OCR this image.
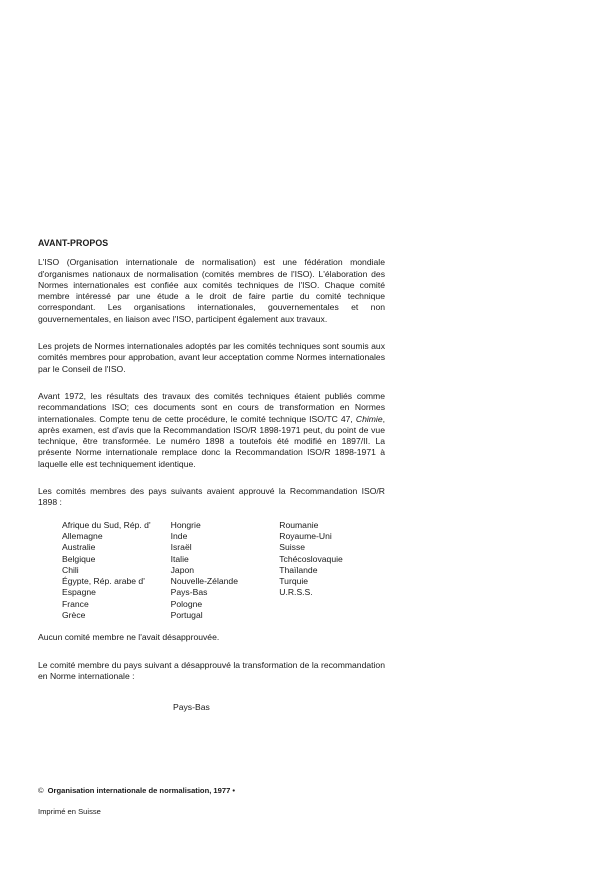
AVANT-PROPOS

L'ISO (Organisation internationale de normalisation) est une fédération mondiale d'organismes nationaux de normalisation (comités membres de l'ISO). L'élaboration des Normes internationales est confiée aux comités techniques de l'ISO. Chaque comité membre intéressé par une étude a le droit de faire partie du comité technique correspondant. Les organisations internationales, gouvernementales et non gouvernementales, en liaison avec l'ISO, participent également aux travaux.

Les projets de Normes internationales adoptés par les comités techniques sont soumis aux comités membres pour approbation, avant leur acceptation comme Normes internationales par le Conseil de l'ISO.

Avant 1972, les résultats des travaux des comités techniques étaient publiés comme recommandations ISO; ces documents sont en cours de transformation en Normes internationales. Compte tenu de cette procédure, le comité technique ISO/TC 47, Chimie, après examen, est d'avis que la Recommandation ISO/R 1898-1971 peut, du point de vue technique, être transformée. Le numéro 1898 a toutefois été modifié en 1897/II. La présente Norme internationale remplace donc la Recommandation ISO/R 1898-1971 à laquelle elle est techniquement identique.

Les comités membres des pays suivants avaient approuvé la Recommandation ISO/R 1898 :

Afrique du Sud, Rép. d'
Allemagne
Australie
Belgique
Chili
Égypte, Rép. arabe d'
Espagne
France
Grèce
Hongrie
Inde
Israël
Italie
Japon
Nouvelle-Zélande
Pays-Bas
Pologne
Portugal
Roumanie
Royaume-Uni
Suisse
Tchécoslovaquie
Thaïlande
Turquie
U.R.S.S.

Aucun comité membre ne l'avait désapprouvée.

Le comité membre du pays suivant a désapprouvé la transformation de la recommandation en Norme internationale :

Pays-Bas
© Organisation internationale de normalisation, 1977 •
Imprimé en Suisse
